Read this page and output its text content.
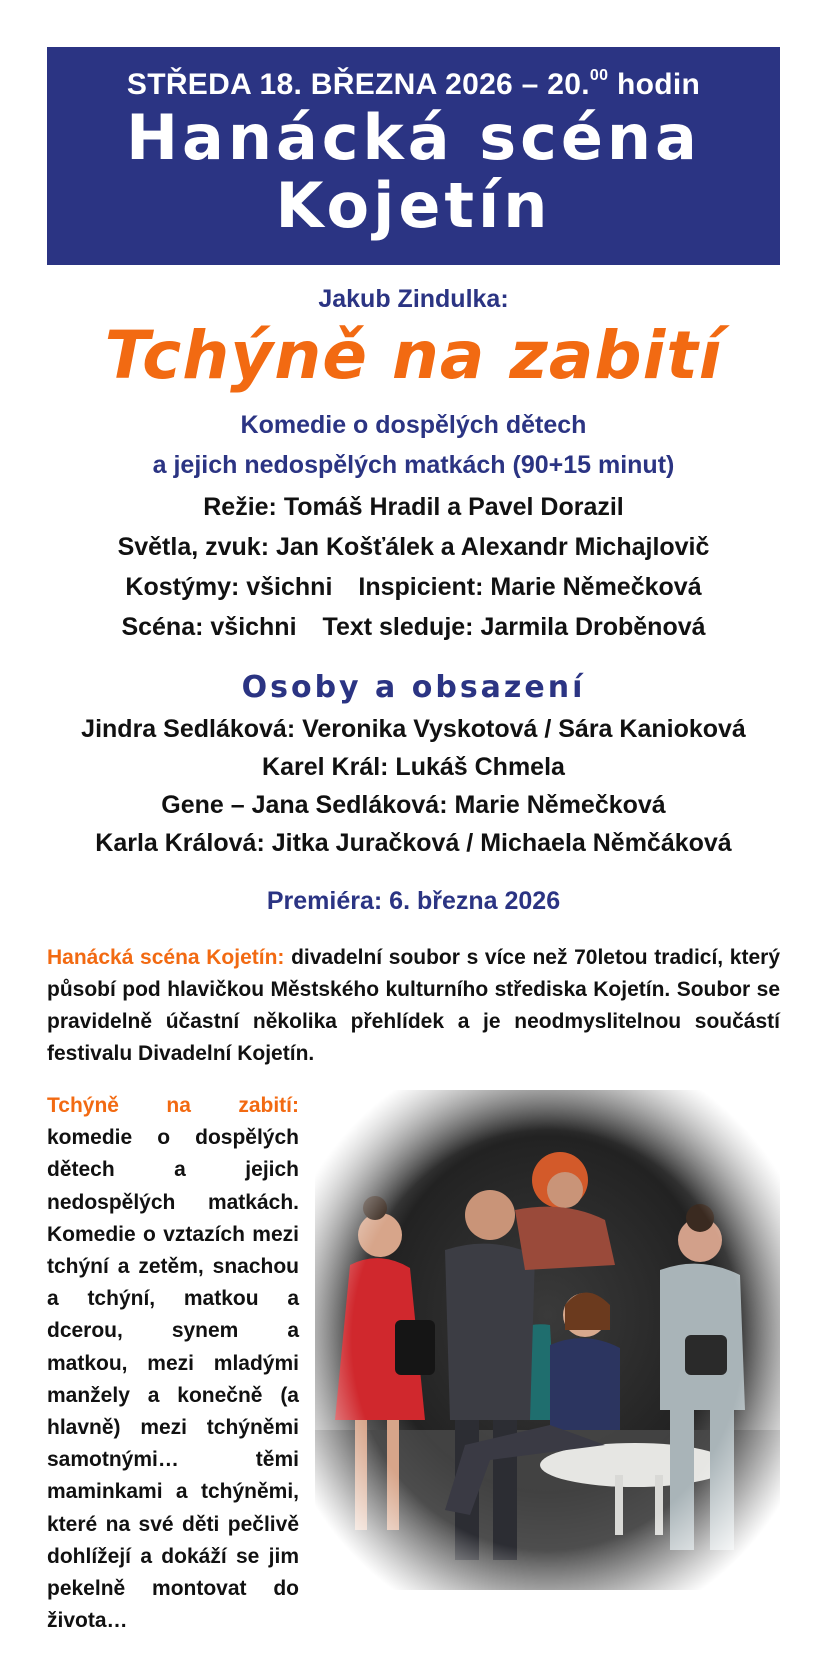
STŘEDA 18. BŘEZNA 2026 – 20.00 hodin
Hanácká scéna
Kojetín
Jakub Zindulka:
Tchýně na zabití
Komedie o dospělých dětech
a jejich nedospělých matkách (90+15 minut)
Režie: Tomáš Hradil a Pavel Dorazil
Světla, zvuk: Jan Košťálek a Alexandr Michajlovič
Kostýmy: všichni Inspicient: Marie Němečková
Scéna: všichni Text sleduje: Jarmila Droběnová
Osoby a obsazení
Jindra Sedláková: Veronika Vyskotová / Sára Kanioková
Karel Král: Lukáš Chmela
Gene – Jana Sedláková: Marie Němečková
Karla Králová: Jitka Juračková / Michaela Němčáková
Premiéra: 6. března 2026
Hanácká scéna Kojetín: divadelní soubor s více než 70letou tradicí, který působí pod hlavičkou Městského kulturního střediska Kojetín. Soubor se pravidelně účastní několika přehlídek a je neodmyslitelnou součástí festivalu Divadelní Kojetín.
Tchýně na zabití: komedie o dospělých dětech a jejich nedospělých matkách. Komedie o vztazích mezi tchýní a zetěm, snachou a tchýní, matkou a dcerou, synem a matkou, mezi mladými manžely a konečně (a hlavně) mezi tchýněmi samotnými… těmi maminkami a tchýněmi, které na své děti pečlivě dohlížejí a dokáží se jim pekelně montovat do života…
